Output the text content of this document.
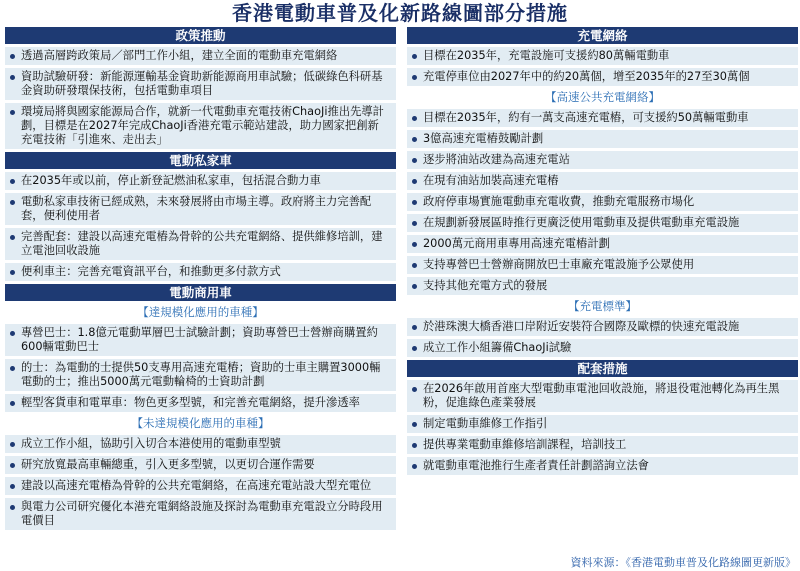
香港電動車普及化新路線圖部分措施
政策推動
透過高層跨政策局／部門工作小組，建立全面的電動車充電網絡
資助試驗研發：新能源運輸基金資助新能源商用車試驗；低碳綠色科研基金資助研發環保技術，包括電動車項目
環境局將與國家能源局合作，就新一代電動車充電技術ChaoJi推出先導計劃，目標是在2027年完成ChaoJi香港充電示範站建設，助力國家把創新充電技術「引進來、走出去」
電動私家車
在2035年或以前，停止新登記燃油私家車，包括混合動力車
電動私家車技術已經成熟，未來發展將由市場主導。政府將主力完善配套，便利使用者
完善配套：建設以高速充電樁為骨幹的公共充電網絡、提供維修培訓，建立電池回收設施
便利車主：完善充電資訊平台，和推動更多付款方式
電動商用車
【達規模化應用的車種】
專營巴士：1.8億元電動單層巴士試驗計劃；資助專營巴士營辦商購置約600輛電動巴士
的士：為電動的士提供50支專用高速充電樁；資助的士車主購置3000輛電動的士；推出5000萬元電動輪椅的士資助計劃
輕型客貨車和電單車：物色更多型號，和完善充電網絡，提升滲透率
【未達規模化應用的車種】
成立工作小組，協助引入切合本港使用的電動車型號
研究放寬最高車輛總重，引入更多型號，以更切合運作需要
建設以高速充電樁為骨幹的公共充電網絡，在高速充電站設大型充電位
與電力公司研究優化本港充電網絡設施及探討為電動車充電設立分時段用電價目
充電網絡
目標在2035年，充電設施可支援約80萬輛電動車
充電停車位由2027年中的約20萬個，增至2035年的27至30萬個
【高速公共充電網絡】
目標在2035年，約有一萬支高速充電樁，可支援約50萬輛電動車
3億高速充電樁鼓勵計劃
逐步將油站改建為高速充電站
在現有油站加裝高速充電樁
政府停車場實施電動車充電收費，推動充電服務市場化
在規劃新發展區時推行更廣泛使用電動車及提供電動車充電設施
2000萬元商用車專用高速充電樁計劃
支持專營巴士營辦商開放巴士車廠充電設施予公眾使用
支持其他充電方式的發展
【充電標準】
於港珠澳大橋香港口岸附近安裝符合國際及歐標的快速充電設施
成立工作小組籌備ChaoJi試驗
配套措施
在2026年啟用首座大型電動車電池回收設施，將退役電池轉化為再生黑粉，促進綠色產業發展
制定電動車維修工作指引
提供專業電動車維修培訓課程，培訓技工
就電動車電池推行生產者責任計劃諮詢立法會
資料來源：《香港電動車普及化路線圖更新版》
